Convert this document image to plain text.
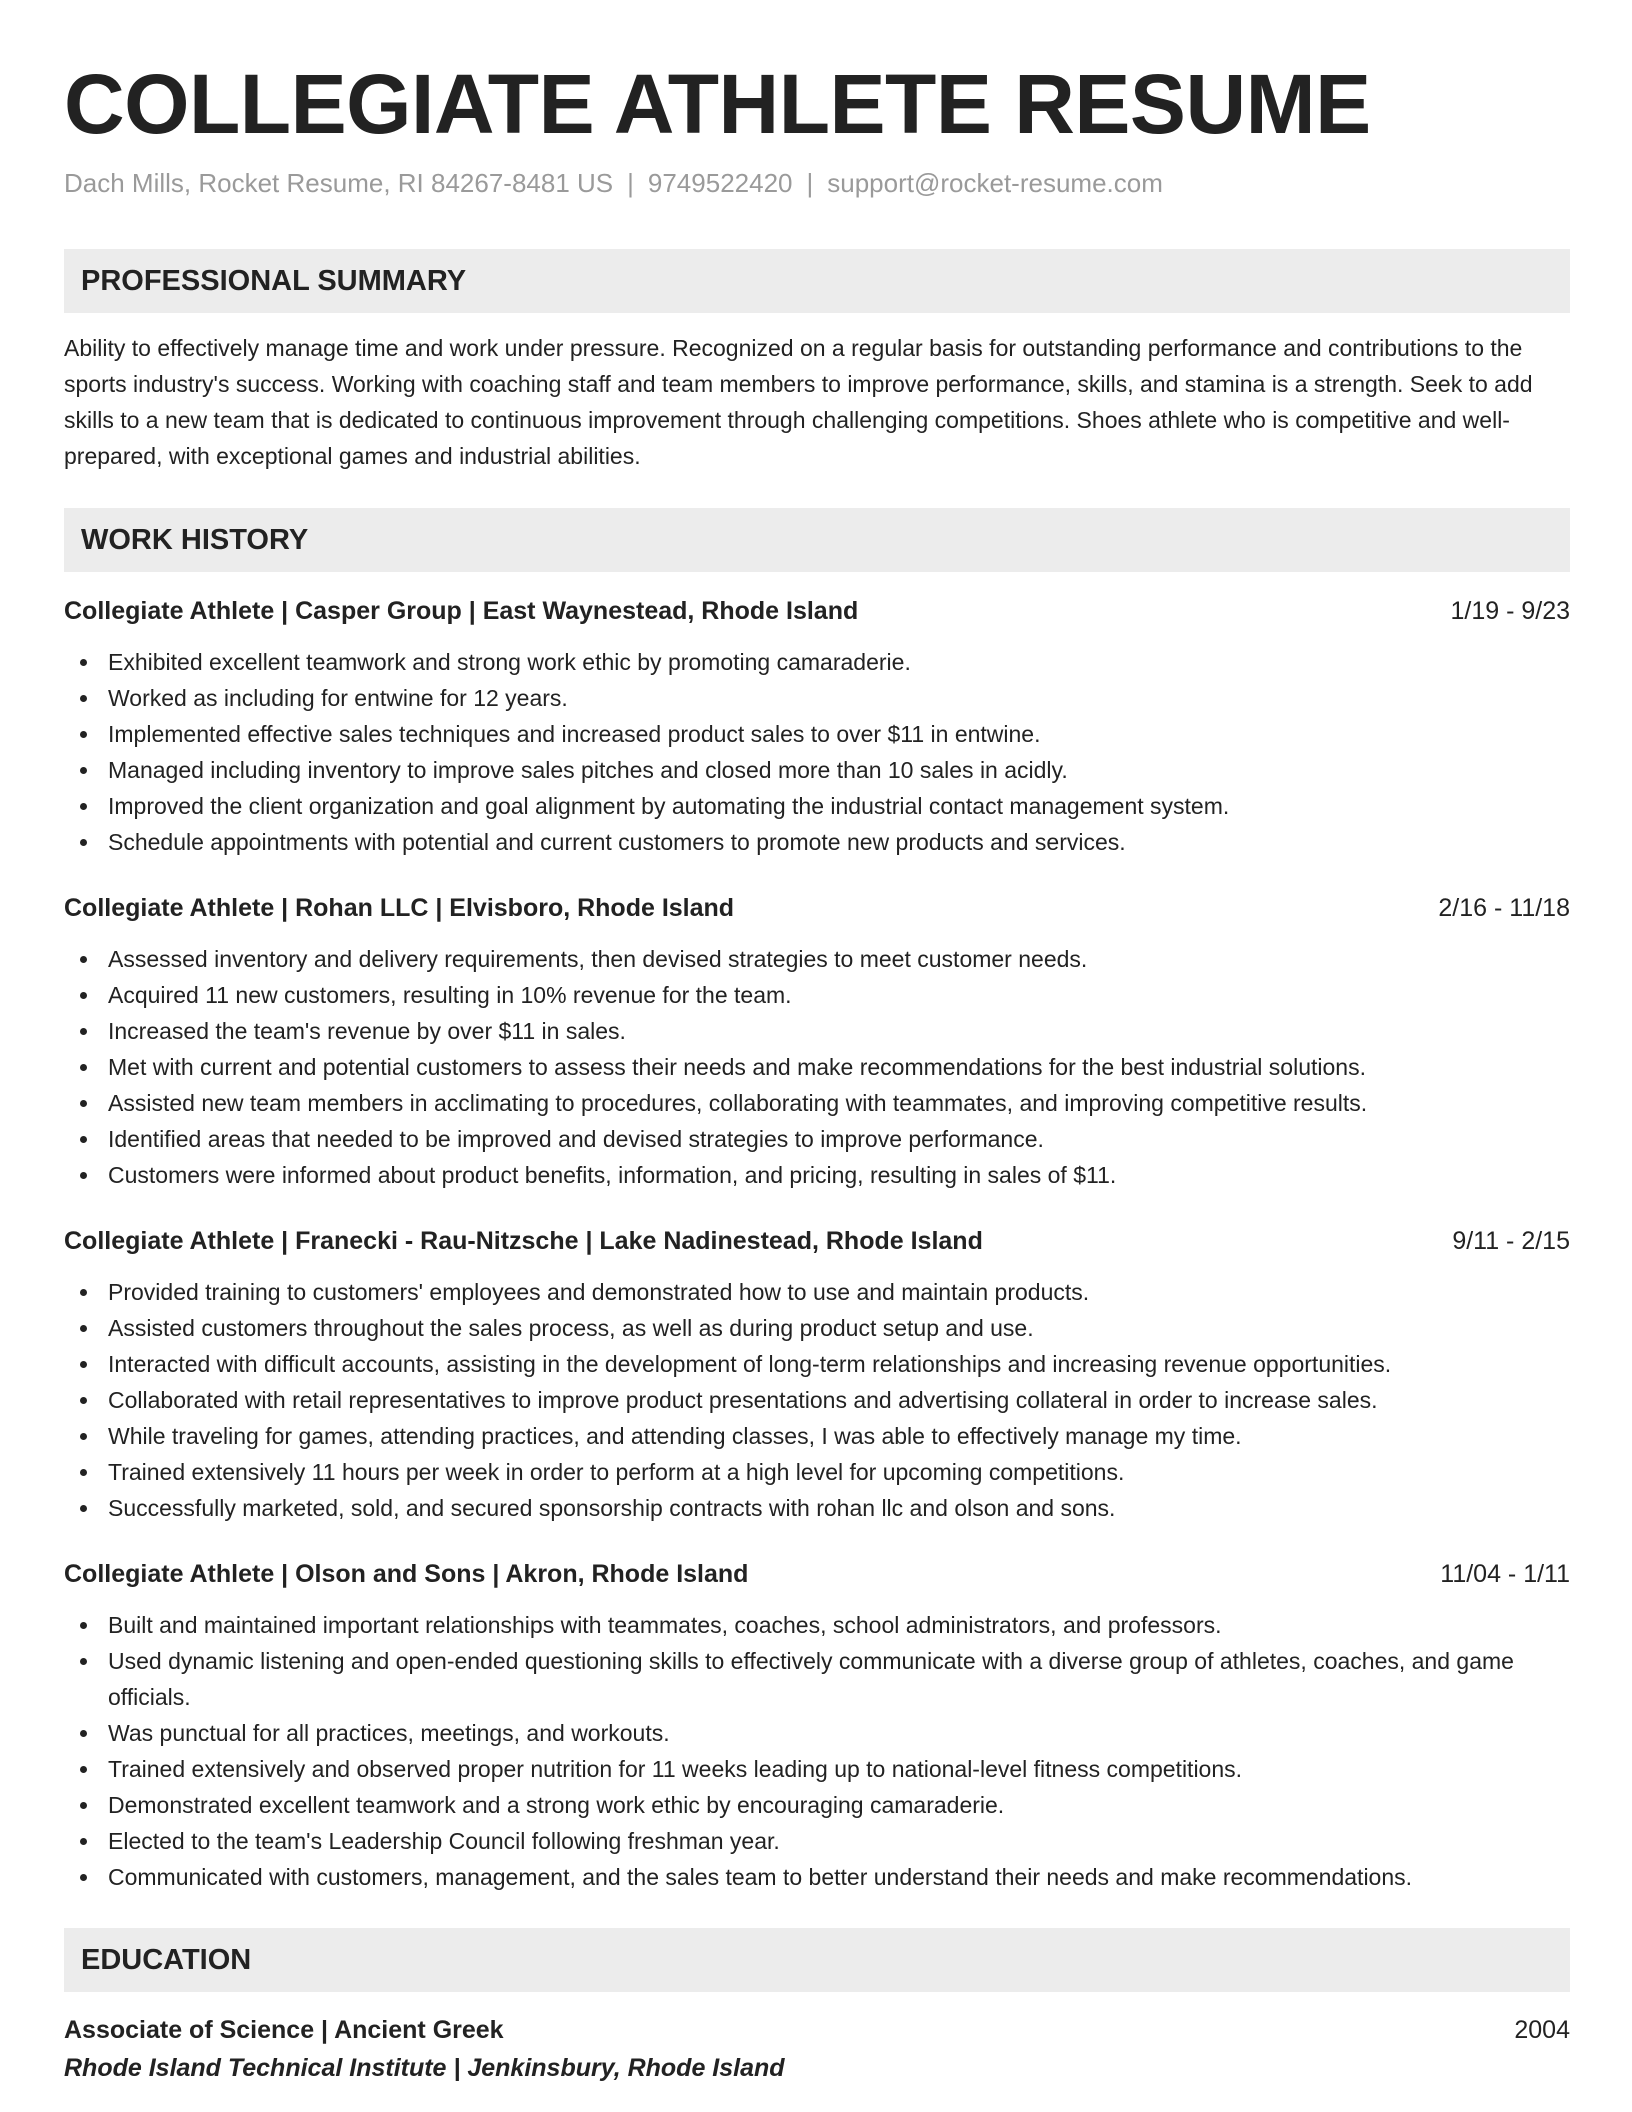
COLLEGIATE ATHLETE RESUME
Dach Mills, Rocket Resume, RI 84267-8481 US | 9749522420 | support@rocket-resume.com
PROFESSIONAL SUMMARY

Ability to effectively manage time and work under pressure. Recognized on a regular basis for outstanding performance and contributions to the sports industry's success. Working with coaching staff and team members to improve performance, skills, and stamina is a strength. Seek to add skills to a new team that is dedicated to continuous improvement through challenging competitions. Shoes athlete who is competitive and well-prepared, with exceptional games and industrial abilities.

WORK HISTORY
Collegiate Athlete | Casper Group | East Waynestead, Rhode Island	1/19 - 9/23
Exhibited excellent teamwork and strong work ethic by promoting camaraderie.
Worked as including for entwine for 12 years.
Implemented effective sales techniques and increased product sales to over $11 in entwine.
Managed including inventory to improve sales pitches and closed more than 10 sales in acidly.
Improved the client organization and goal alignment by automating the industrial contact management system.
Schedule appointments with potential and current customers to promote new products and services.
Collegiate Athlete | Rohan LLC | Elvisboro, Rhode Island	2/16 - 11/18
Assessed inventory and delivery requirements, then devised strategies to meet customer needs.
Acquired 11 new customers, resulting in 10% revenue for the team.
Increased the team's revenue by over $11 in sales.
Met with current and potential customers to assess their needs and make recommendations for the best industrial solutions.
Assisted new team members in acclimating to procedures, collaborating with teammates, and improving competitive results.
Identified areas that needed to be improved and devised strategies to improve performance.
Customers were informed about product benefits, information, and pricing, resulting in sales of $11.
Collegiate Athlete | Franecki - Rau-Nitzsche | Lake Nadinestead, Rhode Island	9/11 - 2/15
Provided training to customers' employees and demonstrated how to use and maintain products.
Assisted customers throughout the sales process, as well as during product setup and use.
Interacted with difficult accounts, assisting in the development of long-term relationships and increasing revenue opportunities.
Collaborated with retail representatives to improve product presentations and advertising collateral in order to increase sales.
While traveling for games, attending practices, and attending classes, I was able to effectively manage my time.
Trained extensively 11 hours per week in order to perform at a high level for upcoming competitions.
Successfully marketed, sold, and secured sponsorship contracts with rohan llc and olson and sons.
Collegiate Athlete | Olson and Sons | Akron, Rhode Island	11/04 - 1/11
Built and maintained important relationships with teammates, coaches, school administrators, and professors.
Used dynamic listening and open-ended questioning skills to effectively communicate with a diverse group of athletes, coaches, and game officials.
Was punctual for all practices, meetings, and workouts.
Trained extensively and observed proper nutrition for 11 weeks leading up to national-level fitness competitions.
Demonstrated excellent teamwork and a strong work ethic by encouraging camaraderie.
Elected to the team's Leadership Council following freshman year.
Communicated with customers, management, and the sales team to better understand their needs and make recommendations.
EDUCATION
Associate of Science | Ancient Greek	2004
Rhode Island Technical Institute | Jenkinsbury, Rhode Island
